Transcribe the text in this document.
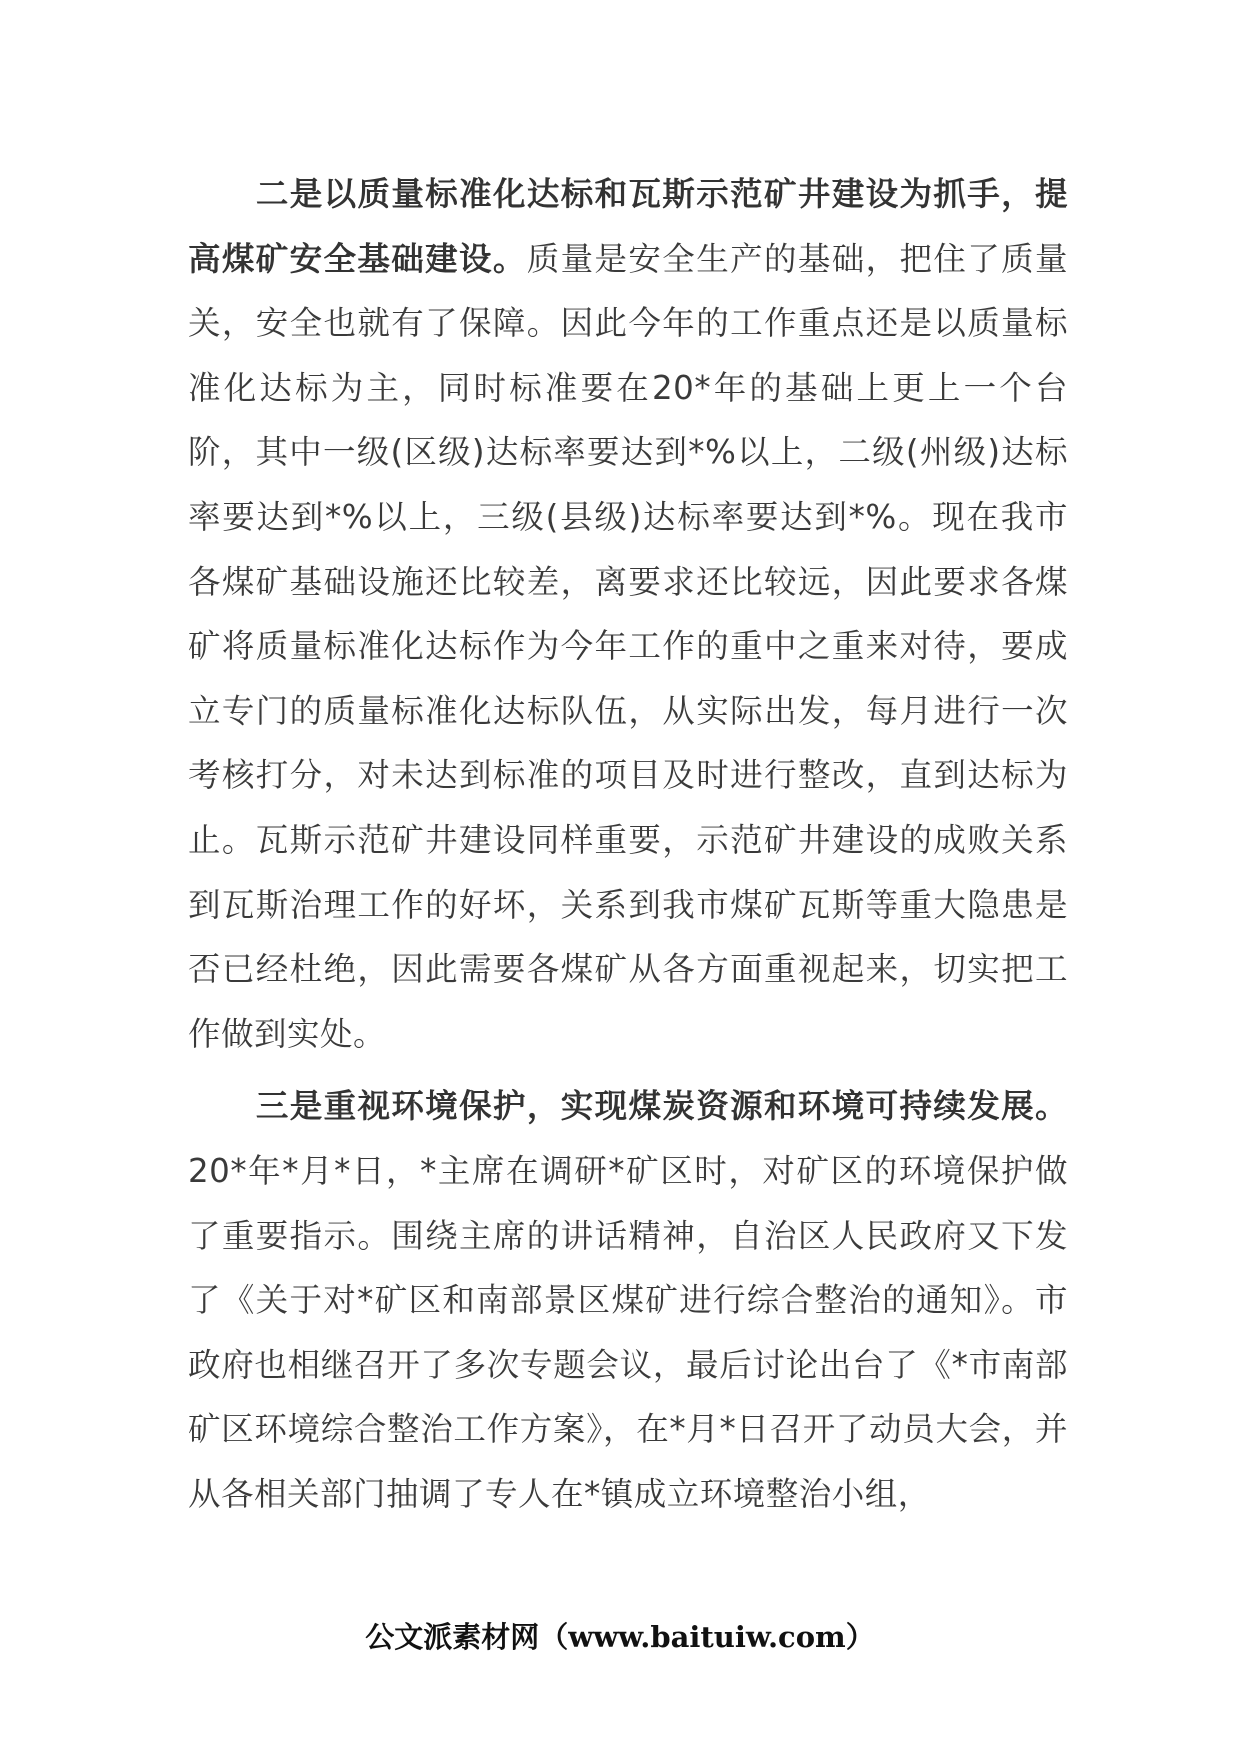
二是以质量标准化达标和瓦斯示范矿井建设为抓手，提高煤矿安全基础建设。质量是安全生产的基础，把住了质量关，安全也就有了保障。因此今年的工作重点还是以质量标准化达标为主，同时标准要在20*年的基础上更上一个台阶，其中一级(区级)达标率要达到*%以上，二级(州级)达标率要达到*%以上，三级(县级)达标率要达到*%。现在我市各煤矿基础设施还比较差，离要求还比较远，因此要求各煤矿将质量标准化达标作为今年工作的重中之重来对待，要成立专门的质量标准化达标队伍，从实际出发，每月进行一次考核打分，对未达到标准的项目及时进行整改，直到达标为止。瓦斯示范矿井建设同样重要，示范矿井建设的成败关系到瓦斯治理工作的好坏，关系到我市煤矿瓦斯等重大隐患是否已经杜绝，因此需要各煤矿从各方面重视起来，切实把工作做到实处。

三是重视环境保护，实现煤炭资源和环境可持续发展。20*年*月*日，*主席在调研*矿区时，对矿区的环境保护做了重要指示。围绕主席的讲话精神，自治区人民政府又下发了《关于对*矿区和南部景区煤矿进行综合整治的通知》。市政府也相继召开了多次专题会议，最后讨论出台了《*市南部矿区环境综合整治工作方案》，在*月*日召开了动员大会，并从各相关部门抽调了专人在*镇成立环境整治小组，

公文派素材网（www.baituiw.com）
